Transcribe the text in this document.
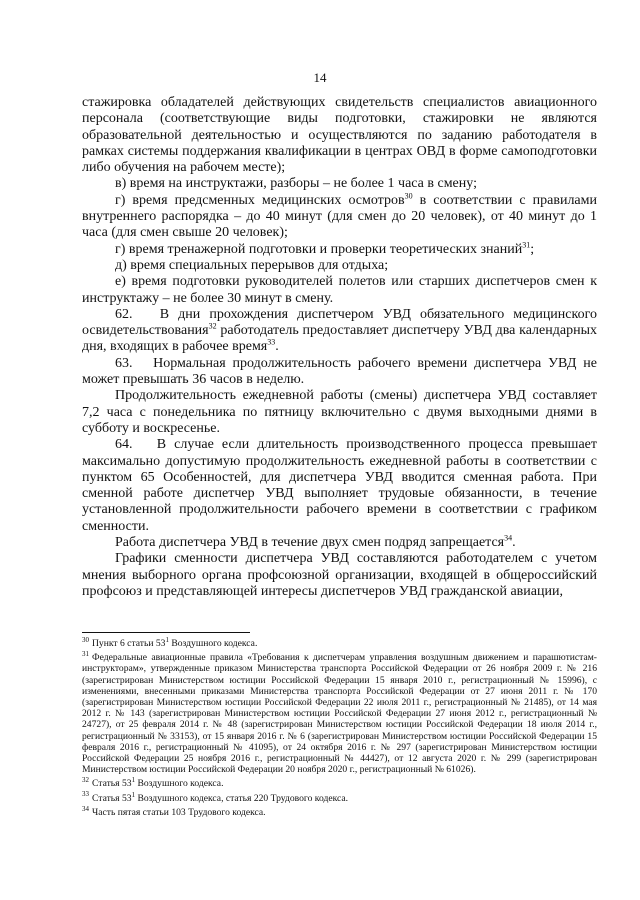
14

стажировка обладателей действующих свидетельств специалистов авиационного персонала (соответствующие виды подготовки, стажировки не являются образовательной деятельностью и осуществляются по заданию работодателя в рамках системы поддержания квалификации в центрах ОВД в форме самоподготовки либо обучения на рабочем месте);

в) время на инструктажи, разборы – не более 1 часа в смену;

г) время предсменных медицинских осмотров$^{30}$ в соответствии с правилами внутреннего распорядка – до 40 минут (для смен до 20 человек), от 40 минут до 1 часа (для смен свыше 20 человек);

г) время тренажерной подготовки и проверки теоретических знаний$^{31}$;

д) время специальных перерывов для отдыха;

е) время подготовки руководителей полетов или старших диспетчеров смен к инструктажу – не более 30 минут в смену.

62.   В дни прохождения диспетчером УВД обязательного медицинского освидетельствования$^{32}$ работодатель предоставляет диспетчеру УВД два календарных дня, входящих в рабочее время$^{33}$.

63.   Нормальная продолжительность рабочего времени диспетчера УВД не может превышать 36 часов в неделю.

Продолжительность ежедневной работы (смены) диспетчера УВД составляет 7,2 часа с понедельника по пятницу включительно с двумя выходными днями в субботу и воскресенье.

64.   В случае если длительность производственного процесса превышает максимально допустимую продолжительность ежедневной работы в соответствии с пунктом 65 Особенностей, для диспетчера УВД вводится сменная работа. При сменной работе диспетчер УВД выполняет трудовые обязанности, в течение установленной продолжительности рабочего времени в соответствии с графиком сменности.

Работа диспетчера УВД в течение двух смен подряд запрещается$^{34}$.

Графики сменности диспетчера УВД составляются работодателем с учетом мнения выборного органа профсоюзной организации, входящей в общероссийский профсоюз и представляющей интересы диспетчеров УВД гражданской авиации,

$^{30}$ Пункт 6 статьи $53^1$ Воздушного кодекса.

$^{31}$ Федеральные авиационные правила «Требования к диспетчерам управления воздушным движением и парашютистам-инструкторам», утвержденные приказом Министерства транспорта Российской Федерации от 26 ноября 2009 г. № 216 (зарегистрирован Министерством юстиции Российской Федерации 15 января 2010 г., регистрационный № 15996), с изменениями, внесенными приказами Министерства транспорта Российской Федерации от 27 июня 2011 г. № 170 (зарегистрирован Министерством юстиции Российской Федерации 22 июля 2011 г., регистрационный № 21485), от 14 мая 2012 г. № 143 (зарегистрирован Министерством юстиции Российской Федерации 27 июня 2012 г., регистрационный № 24727), от 25 февраля 2014 г. № 48 (зарегистрирован Министерством юстиции Российской Федерации 18 июля 2014 г., регистрационный № 33153), от 15 января 2016 г. № 6 (зарегистрирован Министерством юстиции Российской Федерации 15 февраля 2016 г., регистрационный № 41095), от 24 октября 2016 г. № 297 (зарегистрирован Министерством юстиции Российской Федерации 25 ноября 2016 г., регистрационный № 44427), от 12 августа 2020 г. № 299 (зарегистрирован Министерством юстиции Российской Федерации 20 ноября 2020 г., регистрационный № 61026).

$^{32}$ Статья $53^1$ Воздушного кодекса.

$^{33}$ Статья $53^1$ Воздушного кодекса, статья 220 Трудового кодекса.

$^{34}$ Часть пятая статьи 103 Трудового кодекса.
